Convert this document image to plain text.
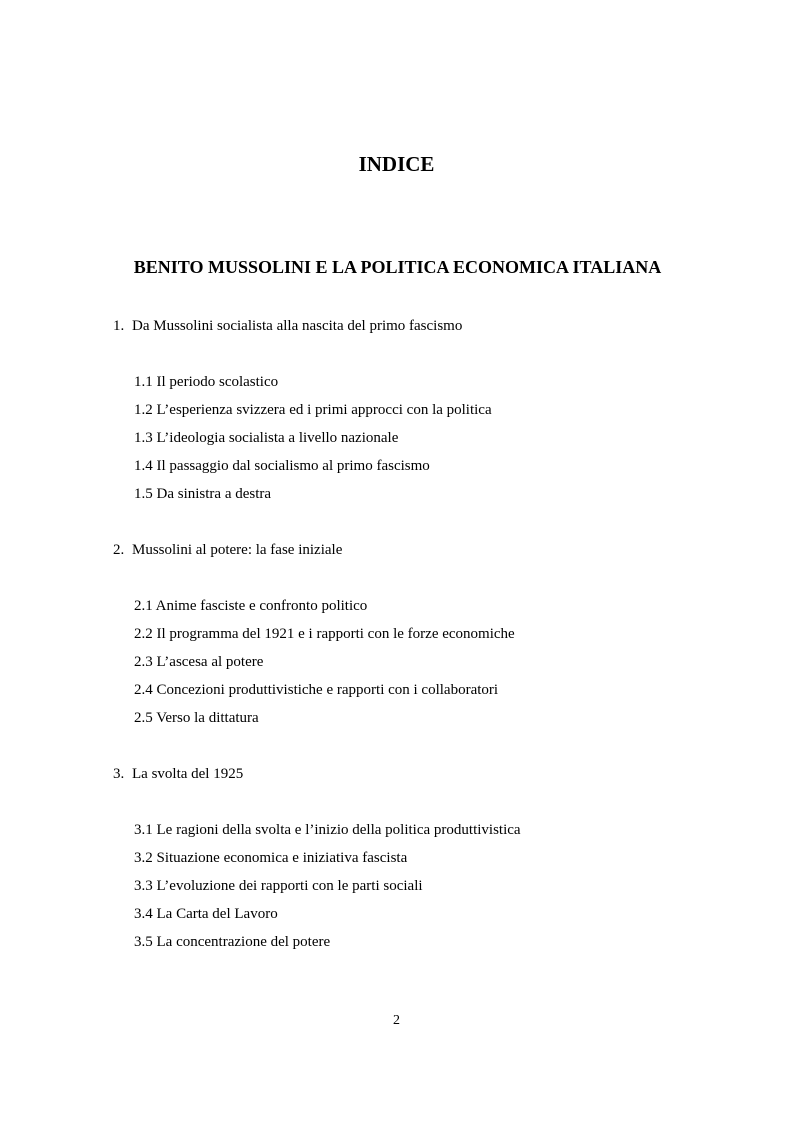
INDICE
BENITO MUSSOLINI E LA POLITICA ECONOMICA ITALIANA
1. Da Mussolini socialista alla nascita del primo fascismo
1.1 Il periodo scolastico
1.2 L’esperienza svizzera ed i primi approcci con la politica
1.3 L’ideologia socialista a livello nazionale
1.4 Il passaggio dal socialismo al primo fascismo
1.5 Da sinistra a destra
2. Mussolini al potere: la fase iniziale
2.1 Anime fasciste e confronto politico
2.2 Il programma del 1921 e i rapporti con le forze economiche
2.3 L’ascesa al potere
2.4 Concezioni produttivistiche e rapporti con i collaboratori
2.5 Verso la dittatura
3. La svolta del 1925
3.1 Le ragioni della svolta e l’inizio della politica produttivistica
3.2 Situazione economica e iniziativa fascista
3.3 L’evoluzione dei rapporti con le parti sociali
3.4 La Carta del Lavoro
3.5 La concentrazione del potere
2
